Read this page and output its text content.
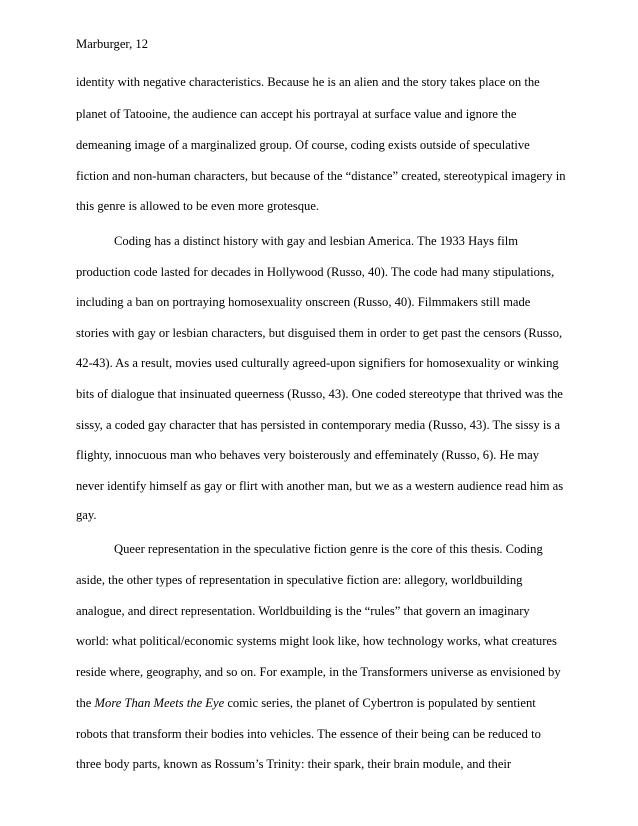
Marburger, 12
identity with negative characteristics. Because he is an alien and the story takes place on the
planet of Tatooine, the audience can accept his portrayal at surface value and ignore the
demeaning image of a marginalized group. Of course, coding exists outside of speculative
fiction and non-human characters, but because of the “distance” created, stereotypical imagery in
this genre is allowed to be even more grotesque.
Coding has a distinct history with gay and lesbian America. The 1933 Hays film
production code lasted for decades in Hollywood (Russo, 40). The code had many stipulations,
including a ban on portraying homosexuality onscreen (Russo, 40). Filmmakers still made
stories with gay or lesbian characters, but disguised them in order to get past the censors (Russo,
42-43). As a result, movies used culturally agreed-upon signifiers for homosexuality or winking
bits of dialogue that insinuated queerness (Russo, 43). One coded stereotype that thrived was the
sissy, a coded gay character that has persisted in contemporary media (Russo, 43). The sissy is a
flighty, innocuous man who behaves very boisterously and effeminately (Russo, 6). He may
never identify himself as gay or flirt with another man, but we as a western audience read him as
gay.
Queer representation in the speculative fiction genre is the core of this thesis. Coding
aside, the other types of representation in speculative fiction are: allegory, worldbuilding
analogue, and direct representation. Worldbuilding is the “rules” that govern an imaginary
world: what political/economic systems might look like, how technology works, what creatures
reside where, geography, and so on. For example, in the Transformers universe as envisioned by
the More Than Meets the Eye comic series, the planet of Cybertron is populated by sentient
robots that transform their bodies into vehicles. The essence of their being can be reduced to
three body parts, known as Rossum’s Trinity: their spark, their brain module, and their
